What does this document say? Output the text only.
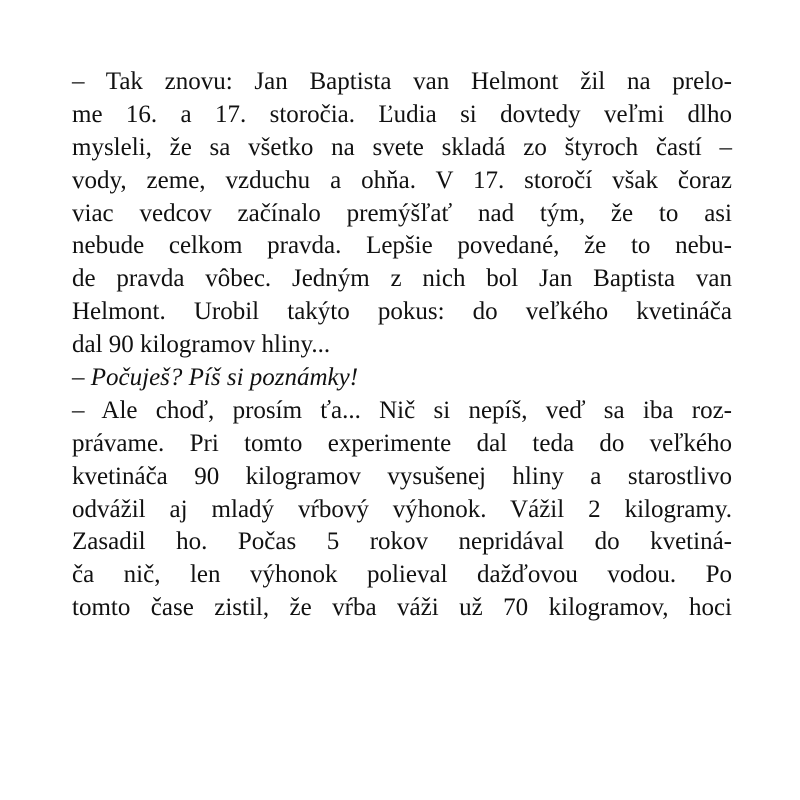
– Tak znovu: Jan Baptista van Helmont žil na prelo-
me 16. a 17. storočia. Ľudia si dovtedy veľmi dlho
mysleli, že sa všetko na svete skladá zo štyroch častí –
vody, zeme, vzduchu a ohňa. V 17. storočí však čoraz
viac vedcov začínalo premýšľať nad tým, že to asi
nebude celkom pravda. Lepšie povedané, že to nebu-
de pravda vôbec. Jedným z nich bol Jan Baptista van
Helmont. Urobil takýto pokus: do veľkého kvetináča
dal 90 kilogramov hliny...
– Počuješ? Píš si poznámky!
– Ale choď, prosím ťa... Nič si nepíš, veď sa iba roz-
právame. Pri tomto experimente dal teda do veľkého
kvetináča 90 kilogramov vysušenej hliny a starostlivo
odvážil aj mladý vŕbový výhonok. Vážil 2 kilogramy.
Zasadil ho. Počas 5 rokov nepridával do kvetiná-
ča nič, len výhonok polieval dažďovou vodou. Po
tomto čase zistil, že vŕba váži už 70 kilogramov, hoci
